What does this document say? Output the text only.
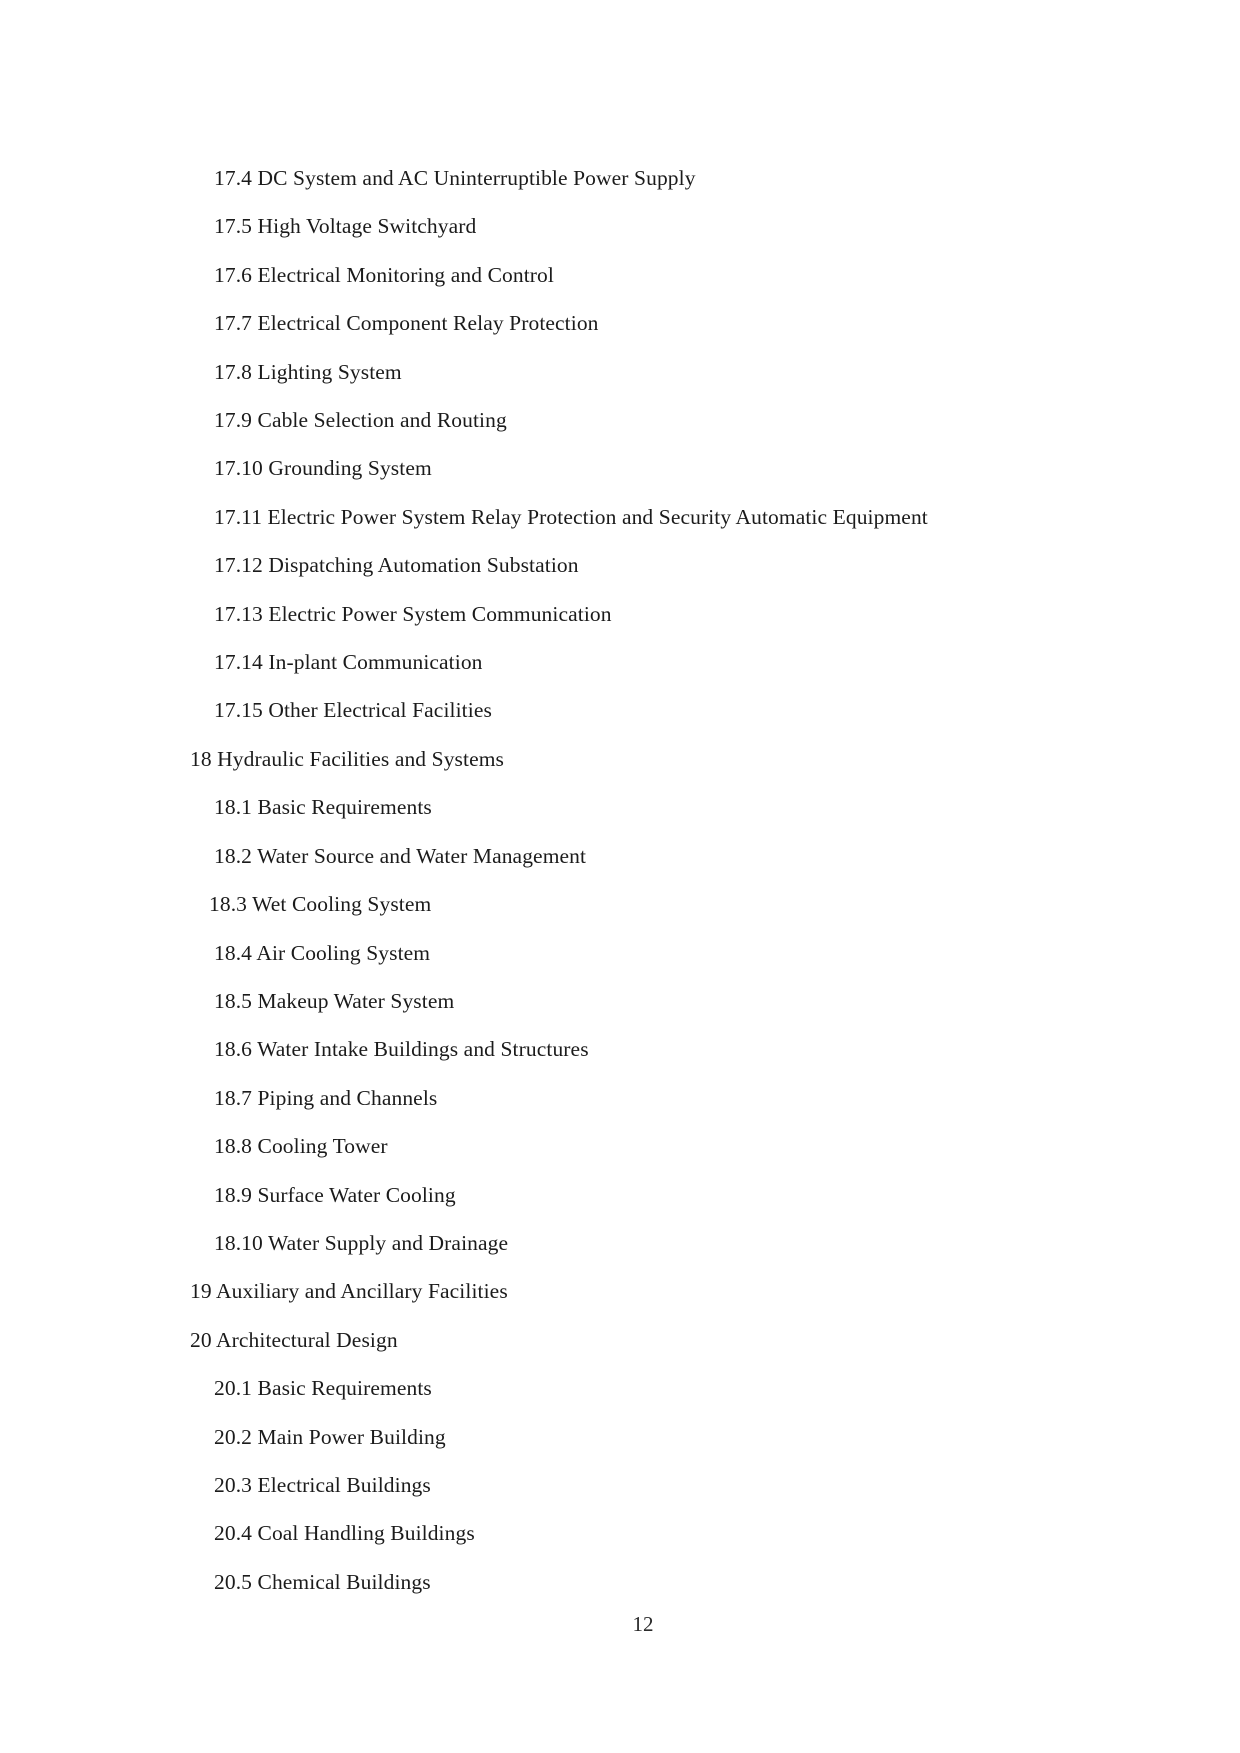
17.4 DC System and AC Uninterruptible Power Supply
17.5 High Voltage Switchyard
17.6 Electrical Monitoring and Control
17.7 Electrical Component Relay Protection
17.8 Lighting System
17.9 Cable Selection and Routing
17.10 Grounding System
17.11 Electric Power System Relay Protection and Security Automatic Equipment
17.12 Dispatching Automation Substation
17.13 Electric Power System Communication
17.14 In-plant Communication
17.15 Other Electrical Facilities
18 Hydraulic Facilities and Systems
18.1 Basic Requirements
18.2 Water Source and Water Management
18.3 Wet Cooling System
18.4 Air Cooling System
18.5 Makeup Water System
18.6 Water Intake Buildings and Structures
18.7 Piping and Channels
18.8 Cooling Tower
18.9 Surface Water Cooling
18.10 Water Supply and Drainage
19 Auxiliary and Ancillary Facilities
20 Architectural Design
20.1 Basic Requirements
20.2 Main Power Building
20.3 Electrical Buildings
20.4 Coal Handling Buildings
20.5 Chemical Buildings
12
